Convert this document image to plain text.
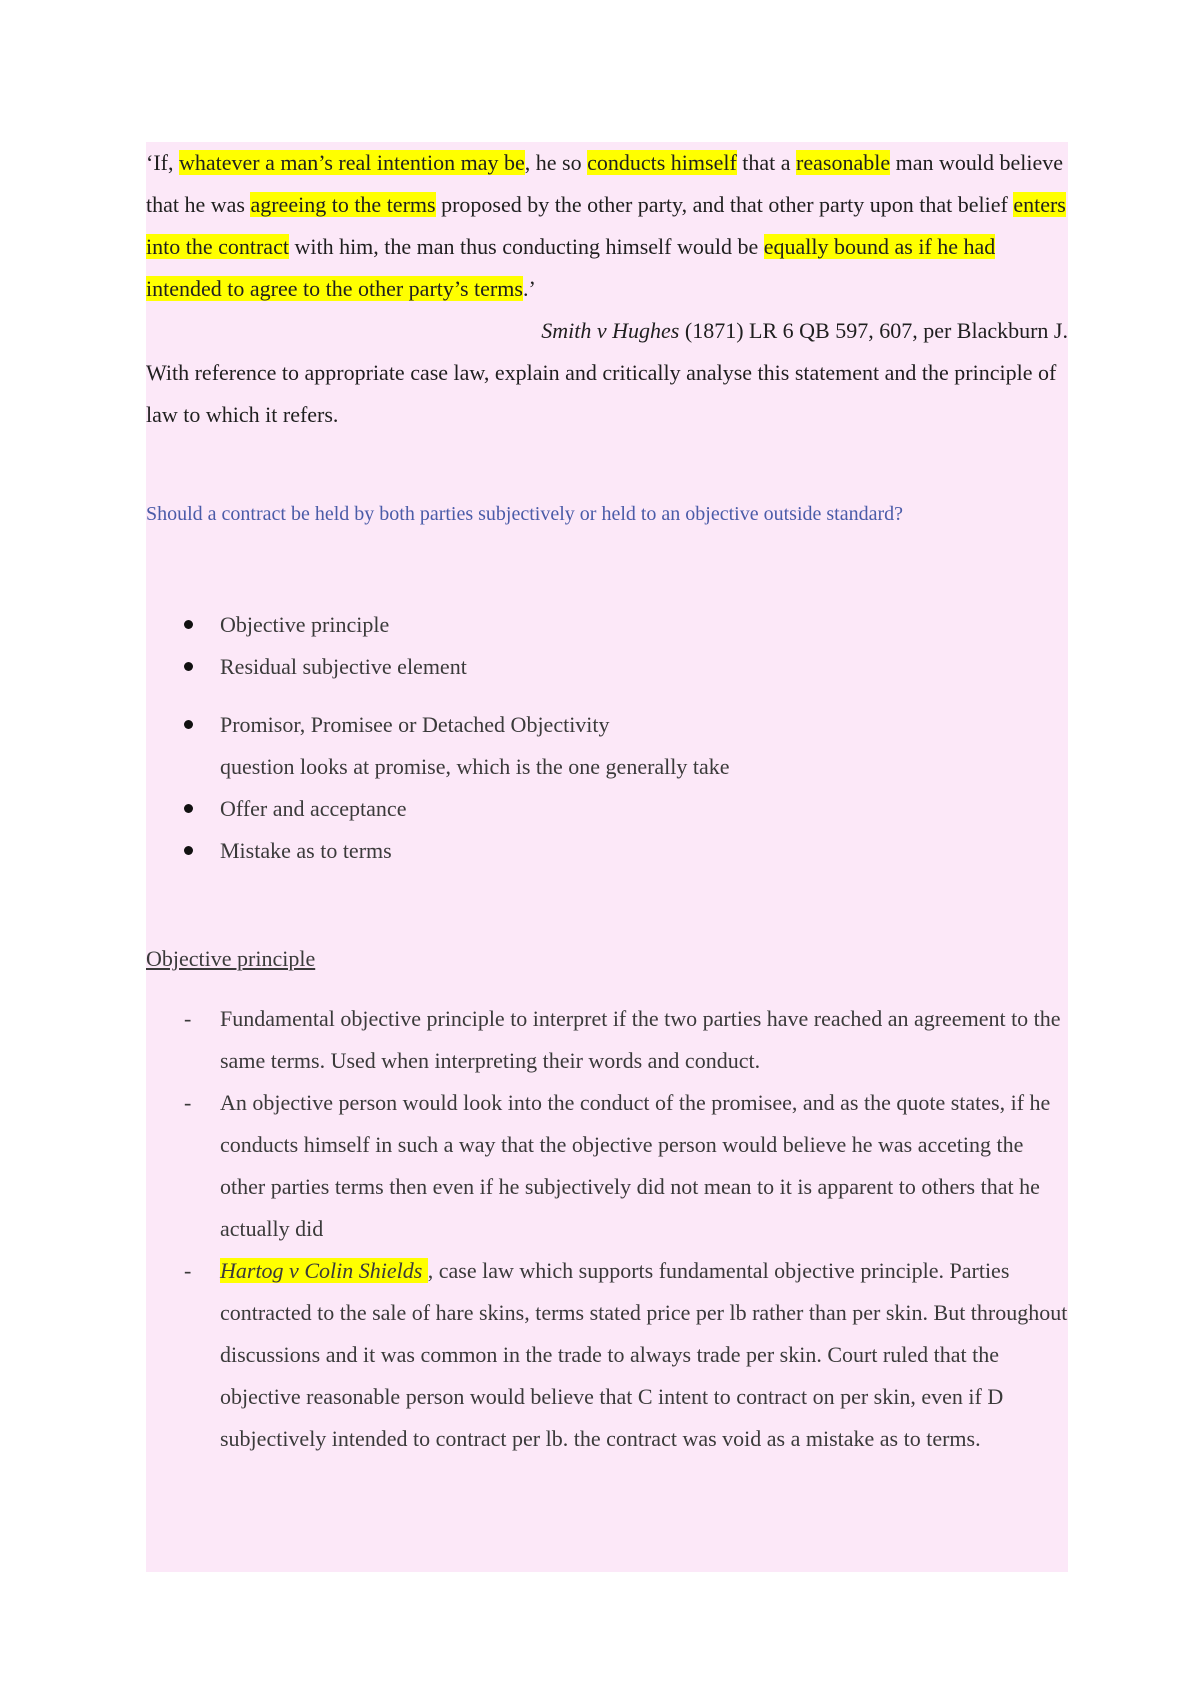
‘If, whatever a man’s real intention may be, he so conducts himself that a reasonable man would believe that he was agreeing to the terms proposed by the other party, and that other party upon that belief enters into the contract with him, the man thus conducting himself would be equally bound as if he had intended to agree to the other party’s terms.’

Smith v Hughes (1871) LR 6 QB 597, 607, per Blackburn J.

With reference to appropriate case law, explain and critically analyse this statement and the principle of law to which it refers.

Should a contract be held by both parties subjectively or held to an objective outside standard?

Objective principle
Residual subjective element
Promisor, Promisee or Detached Objectivity
question looks at promise, which is the one generally take
Offer and acceptance
Mistake as to terms

Objective principle

- Fundamental objective principle to interpret if the two parties have reached an agreement to the same terms. Used when interpreting their words and conduct.
- An objective person would look into the conduct of the promisee, and as the quote states, if he conducts himself in such a way that the objective person would believe he was acceting the other parties terms then even if he subjectively did not mean to it is apparent to others that he actually did
- Hartog v Colin Shields , case law which supports fundamental objective principle. Parties contracted to the sale of hare skins, terms stated price per lb rather than per skin. But throughout discussions and it was common in the trade to always trade per skin. Court ruled that the objective reasonable person would believe that C intent to contract on per skin, even if D subjectively intended to contract per lb. the contract was void as a mistake as to terms.
